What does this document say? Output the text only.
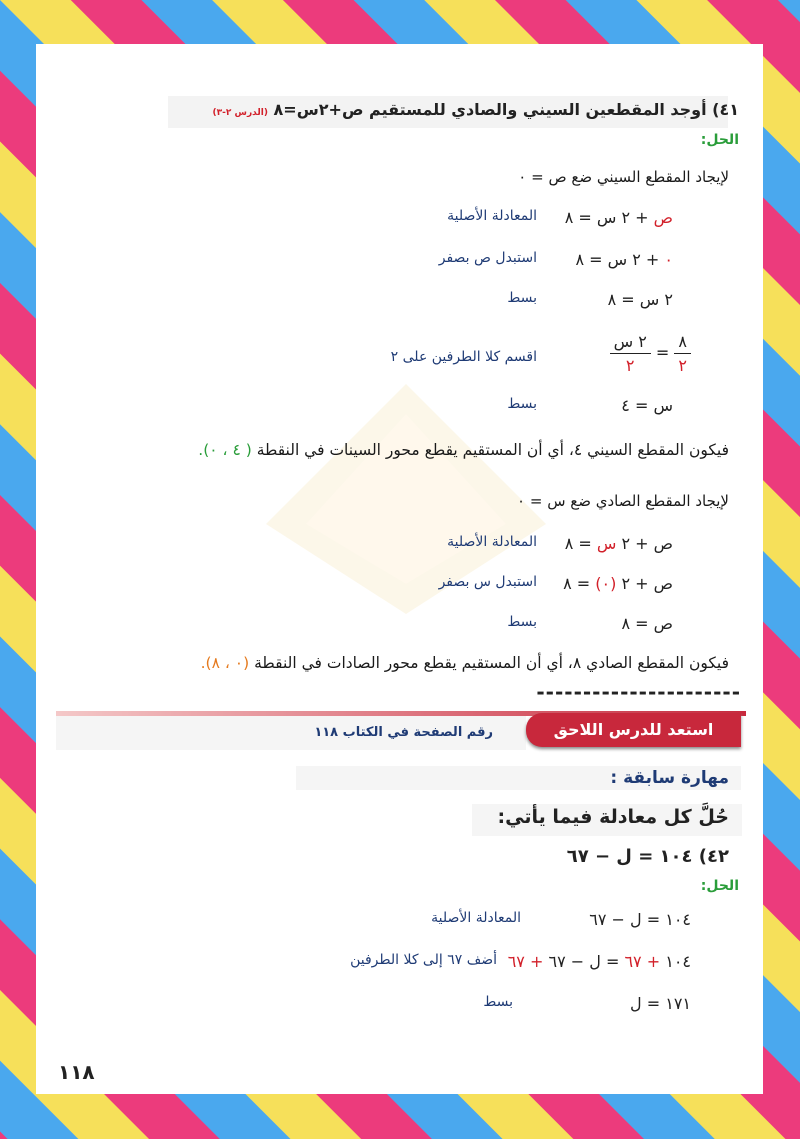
٤١) أوجد المقطعين السيني والصادي للمستقيم ص+٢س=٨ (الدرس ٢-٣)
الحل:
لإيجاد المقطع السيني ضع ص = ٠
ص + ٢ س = ٨
المعادلة الأصلية
٠ + ٢ س = ٨
استبدل ص بصفر
٢ س = ٨
بسط
$\frac{\text{٢ س}}{٢} = \frac{٨}{٢}$
اقسم كلا الطرفين على ٢
س = ٤
بسط
فيكون المقطع السيني ٤، أي أن المستقيم يقطع محور السينات في النقطة ( ٤ ، ٠).
لإيجاد المقطع الصادي ضع س = ٠
ص + ٢ س = ٨
المعادلة الأصلية
ص + ٢ (٠) = ٨
استبدل س بصفر
ص = ٨
بسط
فيكون المقطع الصادي ٨، أي أن المستقيم يقطع محور الصادات في النقطة (٠ ، ٨).
----------------------
رقم الصفحة في الكتاب ١١٨	استعد للدرس اللاحق
مهارة سابقة :
حُلَّ كل معادلة فيما يأتي:
٤٢) ١٠٤ = ل − ٦٧
الحل:
١٠٤ = ل − ٦٧
المعادلة الأصلية
١٠٤ + ٦٧ = ل − ٦٧ + ٦٧
أضف ٦٧ إلى كلا الطرفين
١٧١ = ل
بسط
١١٨
